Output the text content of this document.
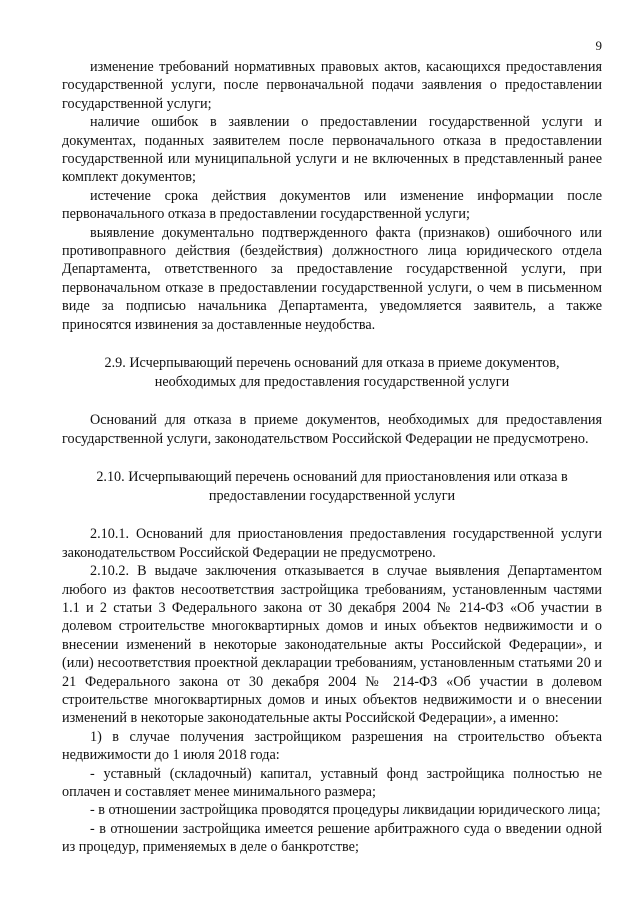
9

изменение требований нормативных правовых актов, касающихся предоставления государственной услуги, после первоначальной подачи заявления о предоставлении государственной услуги;

наличие ошибок в заявлении о предоставлении государственной услуги и документах, поданных заявителем после первоначального отказа в предоставлении государственной или муниципальной услуги и не включенных в представленный ранее комплект документов;

истечение срока действия документов или изменение информации после первоначального отказа в предоставлении государственной услуги;

выявление документально подтвержденного факта (признаков) ошибочного или противоправного действия (бездействия) должностного лица юридического отдела Департамента, ответственного за предоставление государственной услуги, при первоначальном отказе в предоставлении государственной услуги, о чем в письменном виде за подписью начальника Департамента, уведомляется заявитель, а также приносятся извинения за доставленные неудобства.

2.9. Исчерпывающий перечень оснований для отказа в приеме документов, необходимых для предоставления государственной услуги

Оснований для отказа в приеме документов, необходимых для предоставления государственной услуги, законодательством Российской Федерации не предусмотрено.

2.10. Исчерпывающий перечень оснований для приостановления или отказа в предоставлении государственной услуги

2.10.1. Оснований для приостановления предоставления государственной услуги законодательством Российской Федерации не предусмотрено.

2.10.2. В выдаче заключения отказывается в случае выявления Департаментом любого из фактов несоответствия застройщика требованиям, установленным частями 1.1 и 2 статьи 3 Федерального закона от 30 декабря 2004 № 214-ФЗ «Об участии в долевом строительстве многоквартирных домов и иных объектов недвижимости и о внесении изменений в некоторые законодательные акты Российской Федерации», и (или) несоответствия проектной декларации требованиям, установленным статьями 20 и 21 Федерального закона от 30 декабря 2004 № 214-ФЗ «Об участии в долевом строительстве многоквартирных домов и иных объектов недвижимости и о внесении изменений в некоторые законодательные акты Российской Федерации», а именно:

1) в случае получения застройщиком разрешения на строительство объекта недвижимости до 1 июля 2018 года:

- уставный (складочный) капитал, уставный фонд застройщика полностью не оплачен и составляет менее минимального размера;

- в отношении застройщика проводятся процедуры ликвидации юридического лица;

- в отношении застройщика имеется решение арбитражного суда о введении одной из процедур, применяемых в деле о банкротстве;
